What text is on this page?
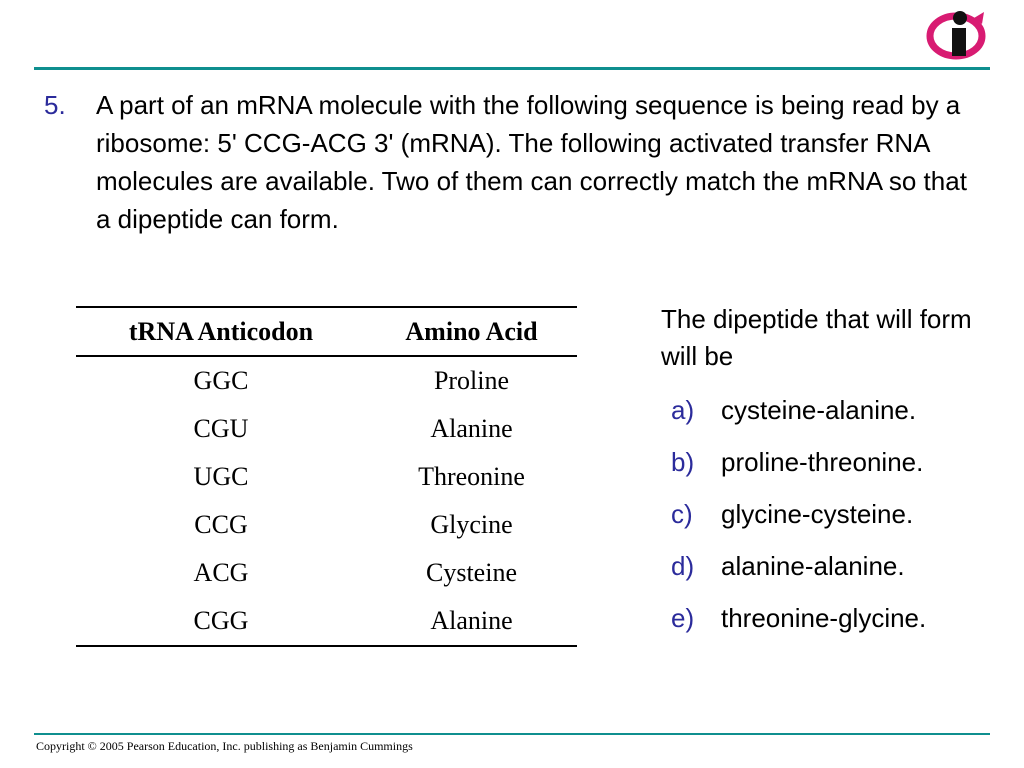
5. A part of an mRNA molecule with the following sequence is being read by a ribosome: 5' CCG-ACG 3' (mRNA). The following activated transfer RNA molecules are available. Two of them can correctly match the mRNA so that a dipeptide can form.
tRNA Anticodon	Amino Acid
GGC	Proline
CGU	Alanine
UGC	Threonine
CCG	Glycine
ACG	Cysteine
CGG	Alanine
The dipeptide that will form will be
a) cysteine-alanine.
b) proline-threonine.
c) glycine-cysteine.
d) alanine-alanine.
e) threonine-glycine.
Copyright © 2005 Pearson Education, Inc. publishing as Benjamin Cummings
